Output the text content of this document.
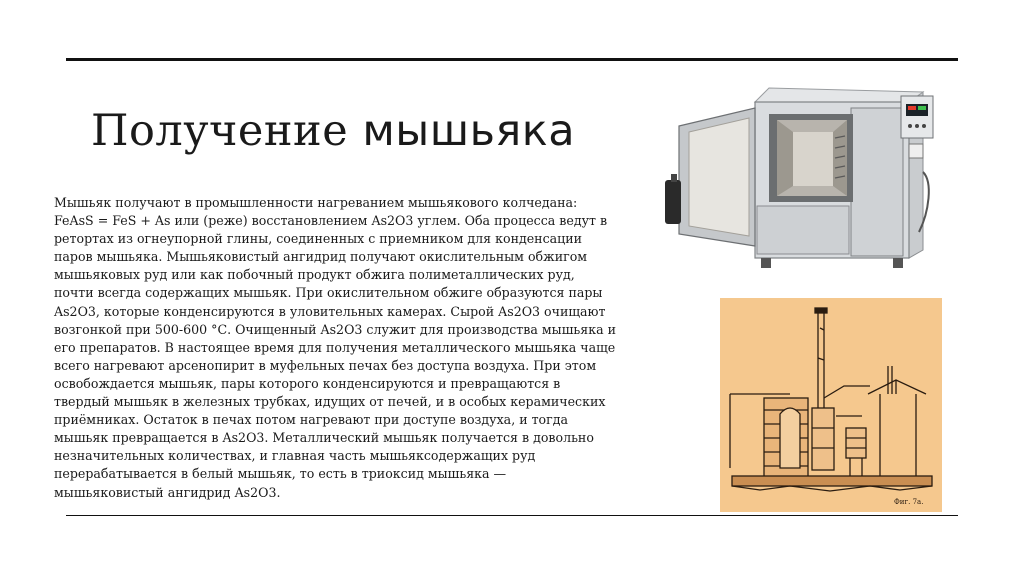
Получение мышьяка

Мышьяк получают в промышленности нагреванием мышьякового колчедана:
FeAsS = FeS + As или (реже) восстановлением As2O3 углем. Оба процесса ведут в
ретортах из огнеупорной глины, соединенных с приемником для конденсации
паров мышьяка. Мышьяковистый ангидрид получают окислительным обжигом
мышьяковых руд или как побочный продукт обжига полиметаллических руд,
почти всегда содержащих мышьяк. При окислительном обжиге образуются пары
As2O3, которые конденсируются в уловительных камерах. Сырой As2O3 очищают
возгонкой при 500-600 °С. Очищенный As2O3 служит для производства мышьяка и
его препаратов. В настоящее время для получения металлического мышьяка чаще
всего нагревают арсенопирит в муфельных печах без доступа воздуха. При этом
освобождается мышьяк, пары которого конденсируются и превращаются в
твердый мышьяк в железных трубках, идущих от печей, и в особых керамических
приёмниках. Остаток в печах потом нагревают при доступе воздуха, и тогда
мышьяк превращается в As2O3. Металлический мышьяк получается в довольно
незначительных количествах, и главная часть мышьяксодержащих руд
перерабатывается в белый мышьяк, то есть в триоксид мышьяка —
мышьяковистый ангидрид As2O3.

Фиг. 7а.
